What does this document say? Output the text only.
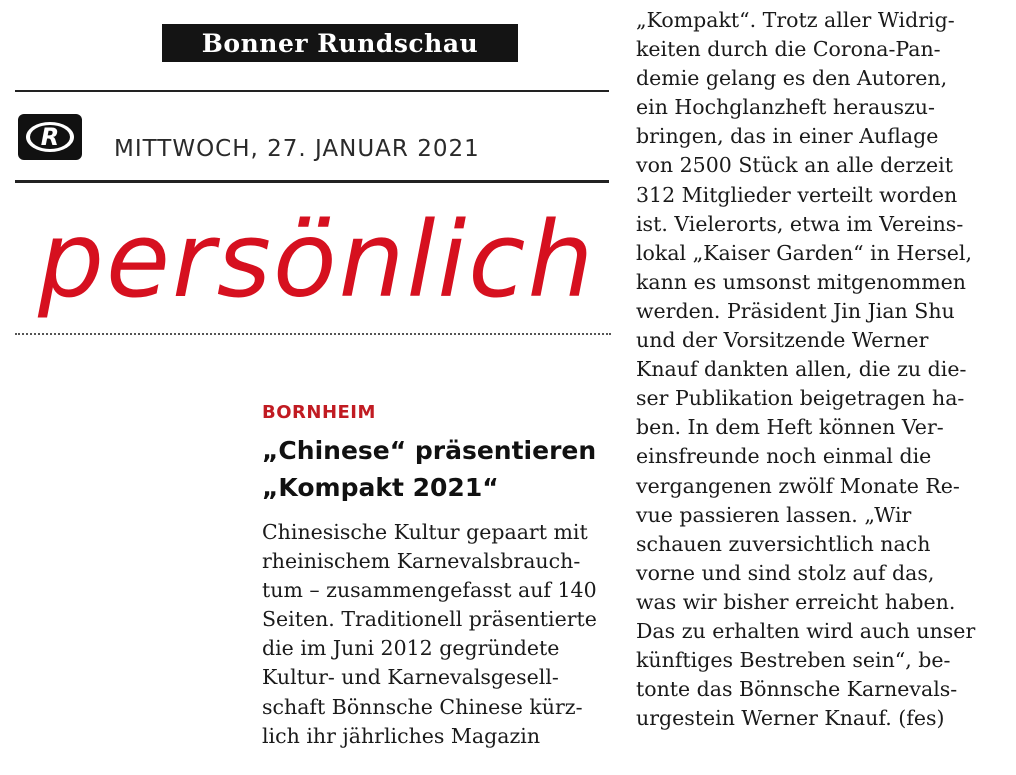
Bonner Rundschau
R MITTWOCH, 27. JANUAR 2021
persönlich
BORNHEIM
„Chinese“ präsentieren
„Kompakt 2021“
Chinesische Kultur gepaart mit
rheinischem Karnevalsbrauch-
tum – zusammengefasst auf 140
Seiten. Traditionell präsentierte
die im Juni 2012 gegründete
Kultur- und Karnevalsgesell-
schaft Bönnsche Chinese kürz-
lich ihr jährliches Magazin
„Kompakt“. Trotz aller Widrig-
keiten durch die Corona-Pan-
demie gelang es den Autoren,
ein Hochglanzheft herauszu-
bringen, das in einer Auflage
von 2500 Stück an alle derzeit
312 Mitglieder verteilt worden
ist. Vielerorts, etwa im Vereins-
lokal „Kaiser Garden“ in Hersel,
kann es umsonst mitgenommen
werden. Präsident Jin Jian Shu
und der Vorsitzende Werner
Knauf dankten allen, die zu die-
ser Publikation beigetragen ha-
ben. In dem Heft können Ver-
einsfreunde noch einmal die
vergangenen zwölf Monate Re-
vue passieren lassen. „Wir
schauen zuversichtlich nach
vorne und sind stolz auf das,
was wir bisher erreicht haben.
Das zu erhalten wird auch unser
künftiges Bestreben sein“, be-
tonte das Bönnsche Karnevals-
urgestein Werner Knauf. (fes)
